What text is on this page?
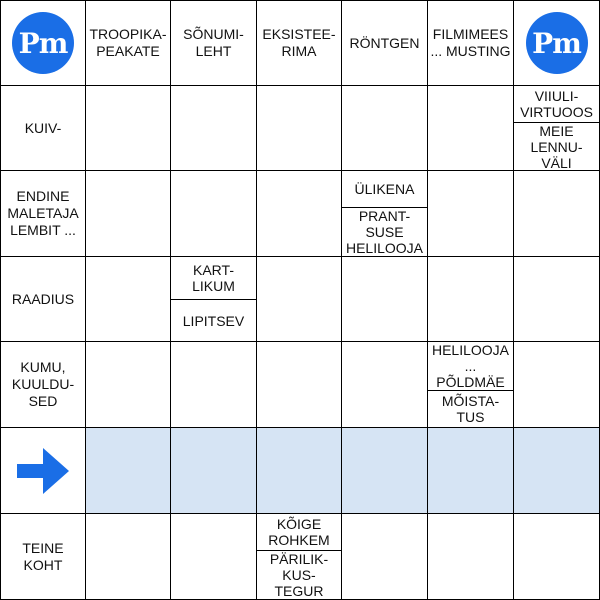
Pm	TROOPIKA-
PEAKATE
SÕNUMI-
LEHT
EKSISTEE-
RIMA
RÖNTGEN
FILMIMEES
... MUSTING Pm
KUIV-
VIIULI-
VIRTUOOS
MEIE
LENNU-
VÄLI
ENDINE
MALETAJA
LEMBIT ...
ÜLIKENA
PRANT-
SUSE
HELILOOJA
RAADIUS
KART-
LIKUM
LIPITSEV
KUMU,
KUULDU-
SED
HELILOOJA
... PÕLDMÄE
MÕISTA-
TUS
TEINE
KOHT
KÕIGE
ROHKEM
PÄRILIK-
KUS-
TEGUR
